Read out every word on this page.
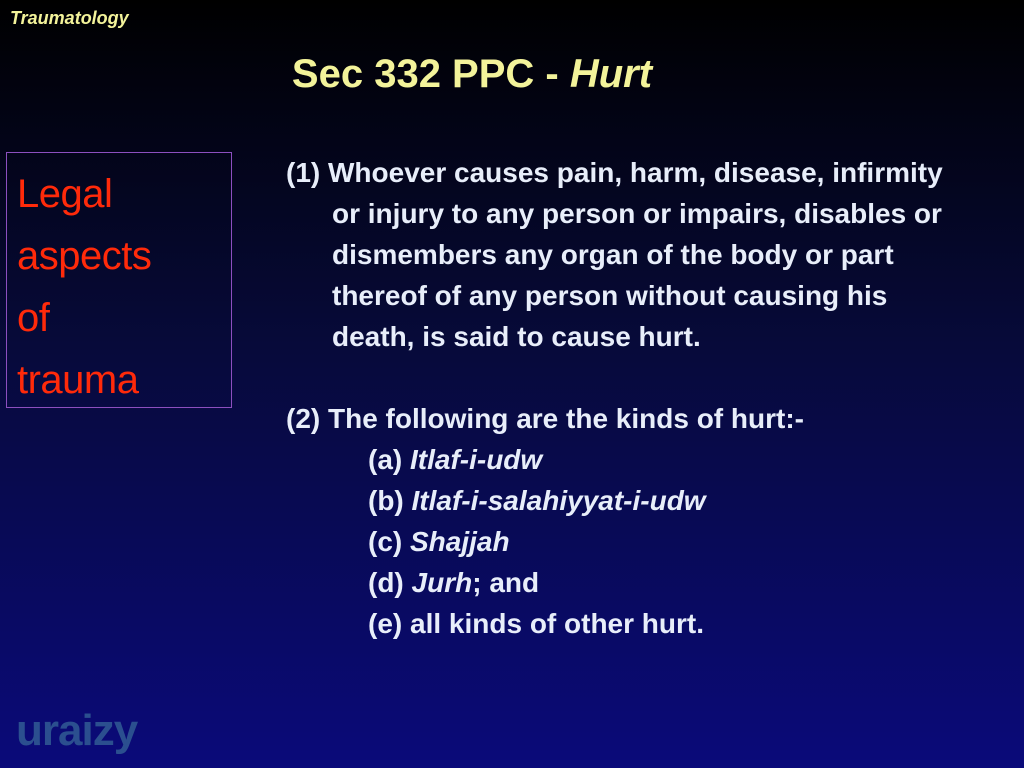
Traumatology
Sec 332 PPC - Hurt
Legal
aspects
of
trauma
(1) Whoever causes pain, harm, disease, infirmity or injury to any person or impairs, disables or dismembers any organ of the body or part thereof of any person without causing his death, is said to cause hurt.
(2) The following are the kinds of hurt:-
(a) Itlaf-i-udw
(b) Itlaf-i-salahiyyat-i-udw
(c) Shajjah
(d) Jurh; and
(e) all kinds of other hurt.
uraizy
